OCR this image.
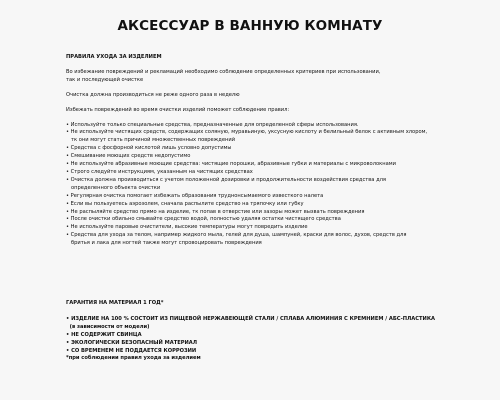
АКСЕССУАР В ВАННУЮ КОМНАТУ
ПРАВИЛА УХОДА ЗА ИЗДЕЛИЕМ
Во избежание повреждений и рекламаций необходимо соблюдение определенных критериев при использовании,
так и последующей очистке
Очистка должна производиться не реже одного раза в неделю
Избежать повреждений во время очистки изделий поможет соблюдение правил:
• Используйте только специальные средства, предназначенные для определенной сферы использования.
• Не используйте чистящих средств, содержащих соляную, муравьиную, уксусную кислоту и белильный белок с активным хлором,
тк они могут стать причиной множественных повреждений
• Средства с фосфорной кислотой лишь условно допустимы
• Смешивание моющих средств недопустимо
• Не используйте абразивные моющие средства: чистящие порошки, абразивные губки и материалы с микроволокнами
• Строго следуйте инструкциям, указанным на чистящих средствах
• Очистка должна производиться с учетом положенной дозировки и продолжительности воздействия средства для
определенного объекта очистки
• Регулярная очистка помогает избежать образования труднонсымаемого известкого налета
• Если вы пользуетесь аэрозолем, сначала распылите средство на тряпочку или губку
• Не распыляйте средство прямо на изделие, тк попав в отверстие или зазоры может вызвать повреждения
• После очистки обильно смывайте средство водой, полностью удаляя остатки чистящего средства
• Не используйте паровые очистители, высокие температуры могут повредить изделие
• Средства для ухода за телом, например жидкого мыла, гелей для душа, шампуней, краски для волос, духов, средств для
бритья и лака для ногтей также могут спровоцировать повреждения
ГАРАНТИЯ НА МАТЕРИАЛ 1 ГОД*
• ИЗДЕЛИЕ НА 100 % СОСТОИТ ИЗ ПИЩЕВОЙ НЕРЖАВЕЮЩЕЙ СТАЛИ / СПЛАВА АЛЮМИНИЯ С КРЕМНИЕМ / АБС-ПЛАСТИКА
(в зависимости от модели)
• НЕ СОДЕРЖИТ СВИНЦА
• ЭКОЛОГИЧЕСКИ БЕЗОПАСНЫЙ МАТЕРИАЛ
• СО ВРЕМЕНЕМ НЕ ПОДДАЕТСЯ КОРРОЗИИ
*при соблюдении правил ухода за изделием
